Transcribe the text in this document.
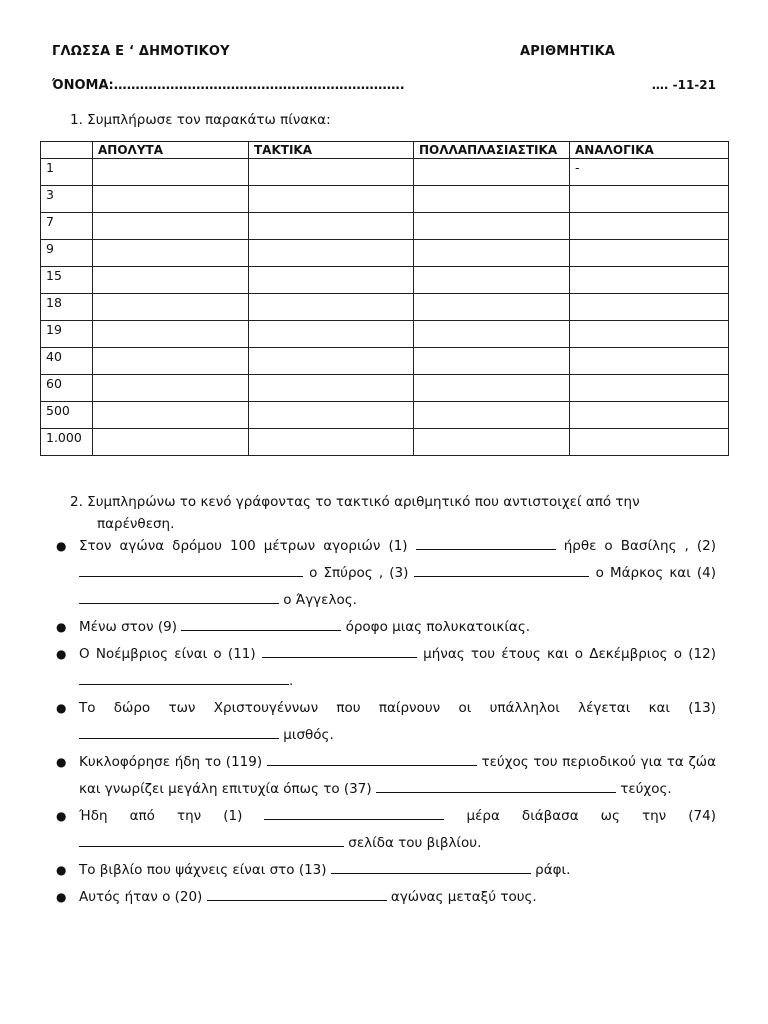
ΓΛΩΣΣΑ Ε ‘ ΔΗΜΟΤΙΚΟΥ	ΑΡΙΘΜΗΤΙΚΑ
ΌΝΟΜΑ:………………………………………………………….	…. -11-21
1. Συμπλήρωσε τον παρακάτω πίνακα:
	ΑΠΟΛΥΤΑ	ΤΑΚΤΙΚΑ	ΠΟΛΛΑΠΛΑΣΙΑΣΤΙΚΑ	ΑΝΑΛΟΓΙΚΑ
1				-
3				
7				
9				
15				
18				
19				
40				
60				
500				
1.000				
2. Συμπληρώνω το κενό γράφοντας το τακτικό αριθμητικό που αντιστοιχεί από την
παρένθεση.
● Στον αγώνα δρόμου 100 μέτρων αγοριών (1)	ήρθε ο Βασίλης , (2)  ο Σπύρος , (3)	ο Μάρκος και (4)  ο Άγγελος.
● Μένω στον (9)	όροφο μιας πολυκατοικίας.
● Ο Νοέμβριος είναι ο (11)	μήνας του έτους και ο Δεκέμβριος ο (12) .
● Το δώρο των Χριστουγέννων που παίρνουν οι υπάλληλοι λέγεται και (13)  μισθός.
● Κυκλοφόρησε ήδη το (119)	τεύχος του περιοδικού για τα ζώα και γνωρίζει μεγάλη επιτυχία όπως το (37)	τεύχος.
● Ήδη από την (1)	μέρα διάβασα ως την (74)  σελίδα του βιβλίου.
● Το βιβλίο που ψάχνεις είναι στο (13)	ράφι.
● Αυτός ήταν ο (20)	αγώνας μεταξύ τους.
